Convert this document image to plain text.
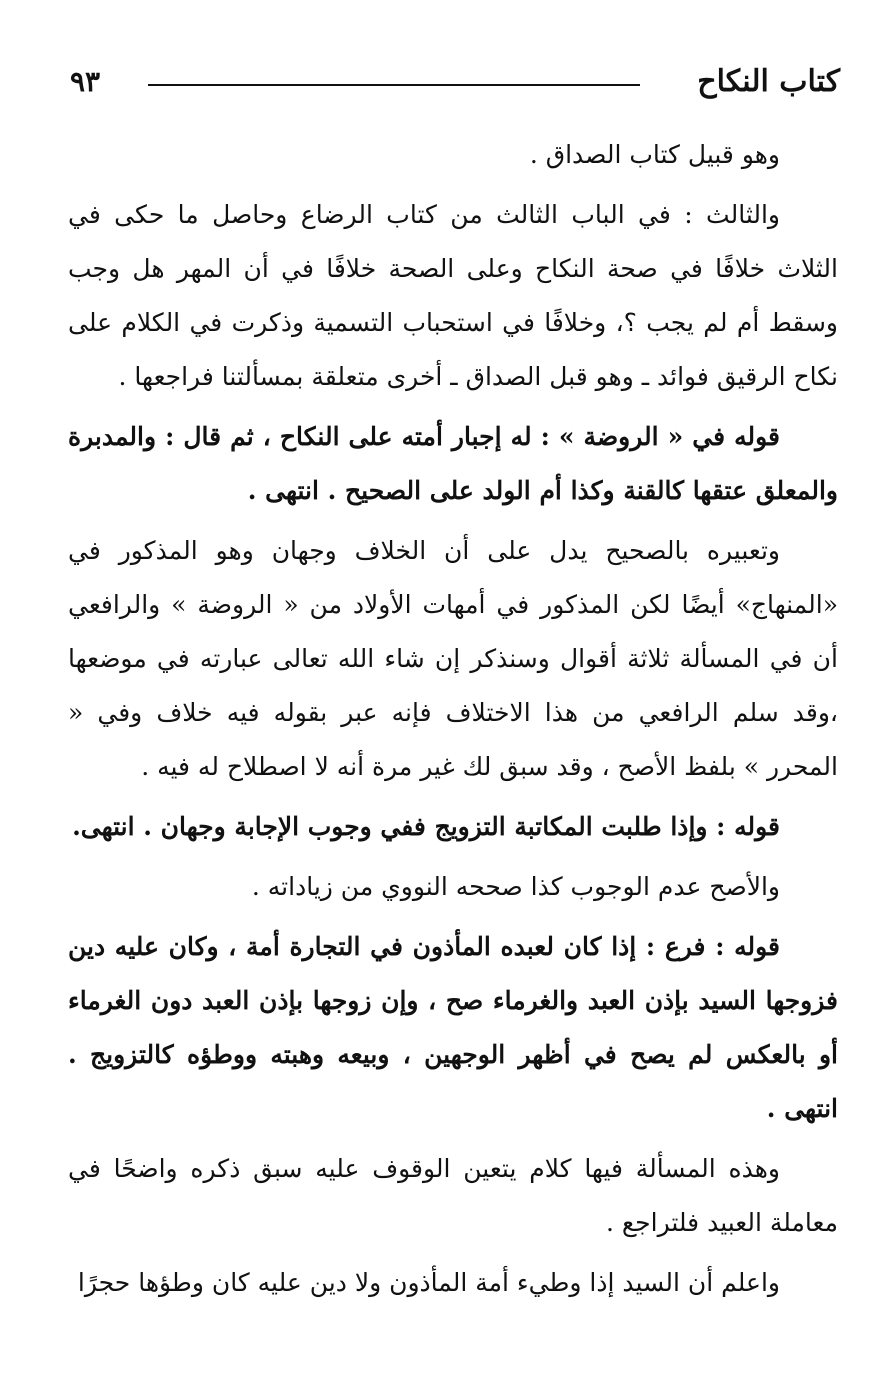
كتاب النكاح
٩٣

وهو قبيل كتاب الصداق .

والثالث : في الباب الثالث من كتاب الرضاع وحاصل ما حكى في الثلاث خلافًا في صحة النكاح وعلى الصحة خلافًا في أن المهر هل وجب وسقط أم لم يجب ؟، وخلافًا في استحباب التسمية وذكرت في الكلام على نكاح الرقيق فوائد ـ وهو قبل الصداق ـ أخرى متعلقة بمسألتنا فراجعها .

قوله في « الروضة » : له إجبار أمته على النكاح ، ثم قال : والمدبرة والمعلق عتقها كالقنة وكذا أم الولد على الصحيح . انتهى .

وتعبيره بالصحيح يدل على أن الخلاف وجهان وهو المذكور في «المنهاج» أيضًا لكن المذكور في أمهات الأولاد من « الروضة » والرافعي أن في المسألة ثلاثة أقوال وسنذكر إن شاء الله تعالى عبارته في موضعها ،وقد سلم الرافعي من هذا الاختلاف فإنه عبر بقوله فيه خلاف وفي « المحرر » بلفظ الأصح ، وقد سبق لك غير مرة أنه لا اصطلاح له فيه .

قوله : وإذا طلبت المكاتبة التزويج ففي وجوب الإجابة وجهان . انتهى.

والأصح عدم الوجوب كذا صححه النووي من زياداته .

قوله : فرع : إذا كان لعبده المأذون في التجارة أمة ، وكان عليه دين فزوجها السيد بإذن العبد والغرماء صح ، وإن زوجها بإذن العبد دون الغرماء أو بالعكس لم يصح في أظهر الوجهين ، وبيعه وهبته ووطؤه كالتزويج . انتهى .

وهذه المسألة فيها كلام يتعين الوقوف عليه سبق ذكره واضحًا في معاملة العبيد فلتراجع .

واعلم أن السيد إذا وطيء أمة المأذون ولا دين عليه كان وطؤها حجرًا
